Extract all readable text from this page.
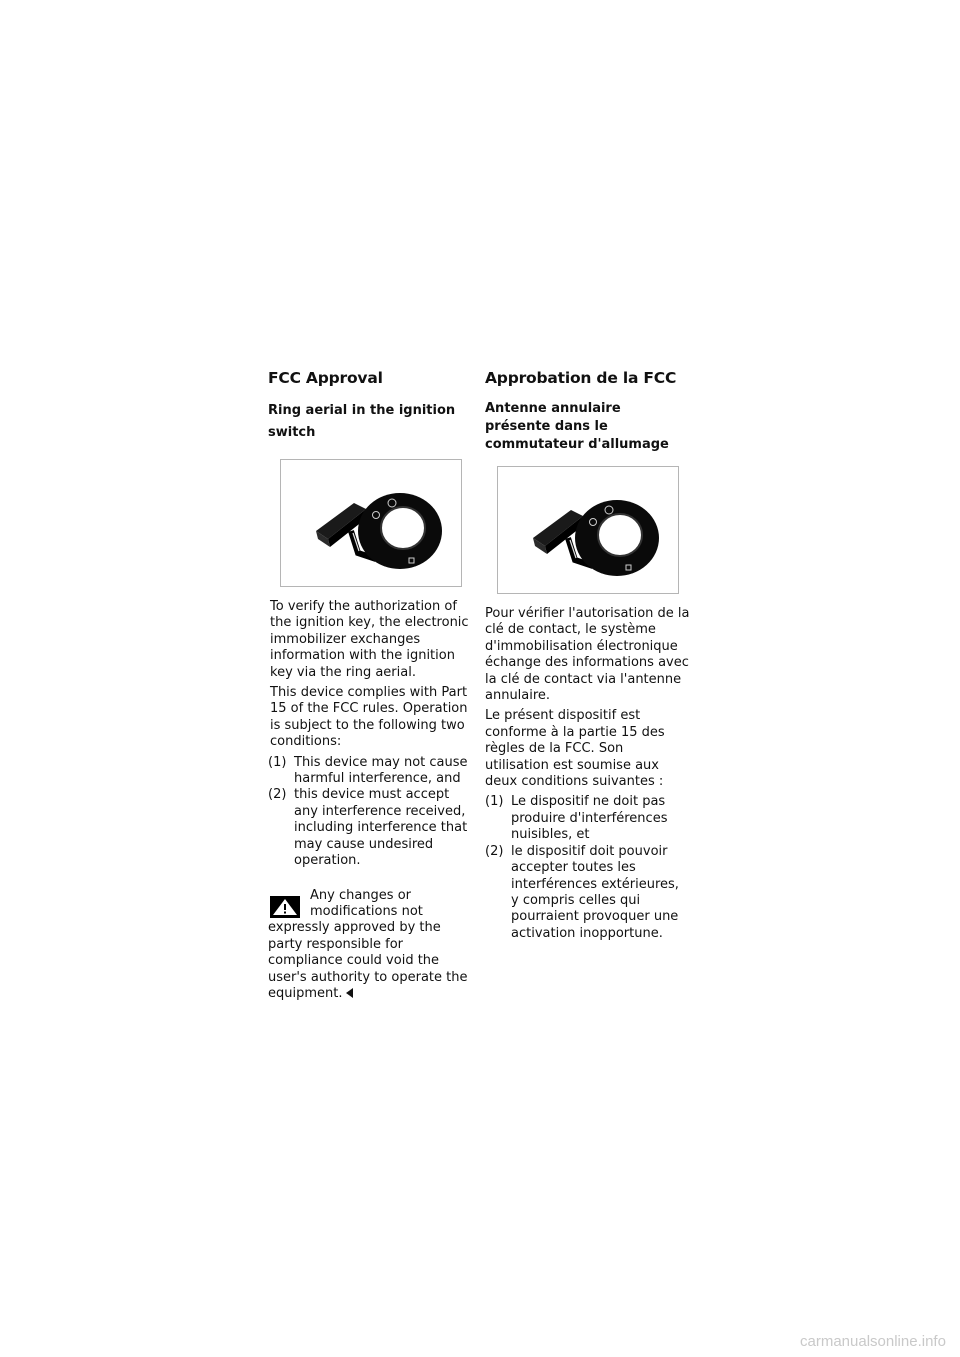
FCC Approval
Ring aerial in the ignition switch

To verify the authorization of the ignition key, the electronic immobilizer exchanges information with the ignition key via the ring aerial.

This device complies with Part 15 of the FCC rules. Operation is subject to the following two conditions:

(1) This device may not cause harmful interference, and
(2) this device must accept any interference received, including interference that may cause undesired operation.
Any changes or modifications not expressly approved by the party responsible for compliance could void the user's authority to operate the equipment.
Approbation de la FCC
Antenne annulaire présente dans le commutateur d'allumage

Pour vérifier l'autorisation de la clé de contact, le système d'immobilisation électronique échange des informations avec la clé de contact via l'antenne annulaire.

Le présent dispositif est conforme à la partie 15 des règles de la FCC. Son utilisation est soumise aux deux conditions suivantes :

(1) Le dispositif ne doit pas produire d'interférences nuisibles, et
(2) le dispositif doit pouvoir accepter toutes les interférences extérieures, y compris celles qui pourraient provoquer une activation inopportune.
carmanualsonline.info
